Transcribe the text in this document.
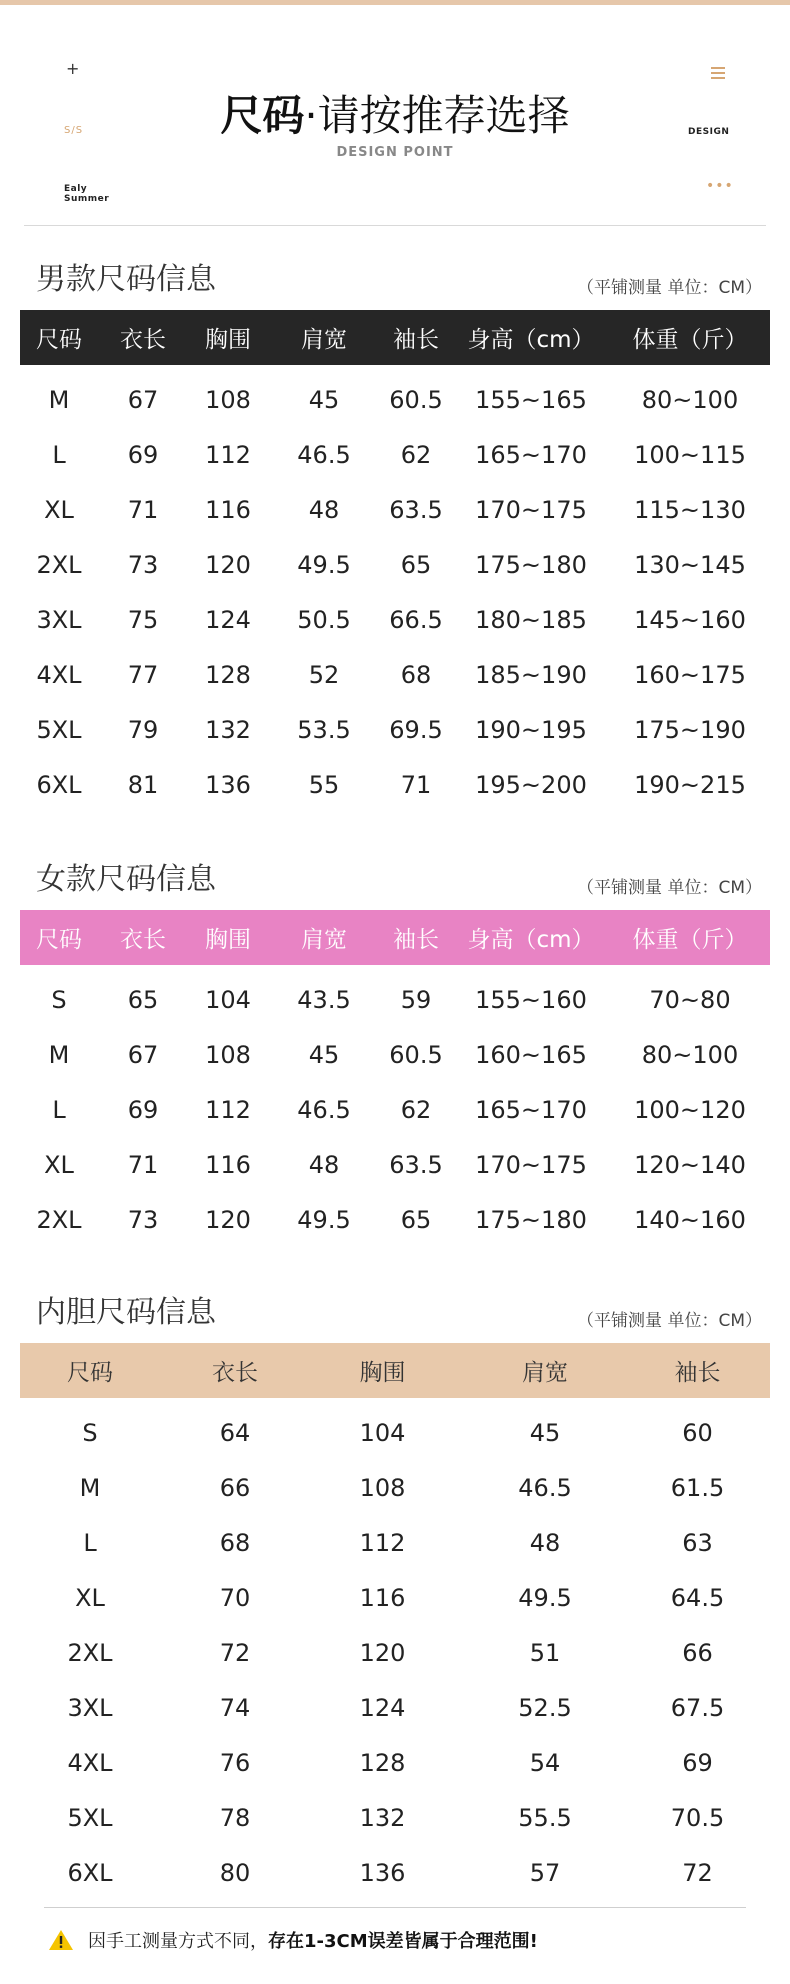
+
S/S
Ealy
Summer
DESIGN
•••
尺码·请按推荐选择
DESIGN POINT
男款尺码信息	（平铺测量 单位：CM）
尺码	衣长	胸围	肩宽	袖长	身高（cm）	体重（斤）
M	67	108	45	60.5	155~165	80~100
L	69	112	46.5	62	165~170	100~115
XL	71	116	48	63.5	170~175	115~130
2XL	73	120	49.5	65	175~180	130~145
3XL	75	124	50.5	66.5	180~185	145~160
4XL	77	128	52	68	185~190	160~175
5XL	79	132	53.5	69.5	190~195	175~190
6XL	81	136	55	71	195~200	190~215
女款尺码信息	（平铺测量 单位：CM）
尺码	衣长	胸围	肩宽	袖长	身高（cm）	体重（斤）
S	65	104	43.5	59	155~160	70~80
M	67	108	45	60.5	160~165	80~100
L	69	112	46.5	62	165~170	100~120
XL	71	116	48	63.5	170~175	120~140
2XL	73	120	49.5	65	175~180	140~160
内胆尺码信息	（平铺测量 单位：CM）
尺码	衣长	胸围	肩宽	袖长
S	64	104	45	60
M	66	108	46.5	61.5
L	68	112	48	63
XL	70	116	49.5	64.5
2XL	72	120	51	66
3XL	74	124	52.5	67.5
4XL	76	128	54	69
5XL	78	132	55.5	70.5
6XL	80	136	57	72
因手工测量方式不同， 存在1-3CM误差皆属于合理范围!
